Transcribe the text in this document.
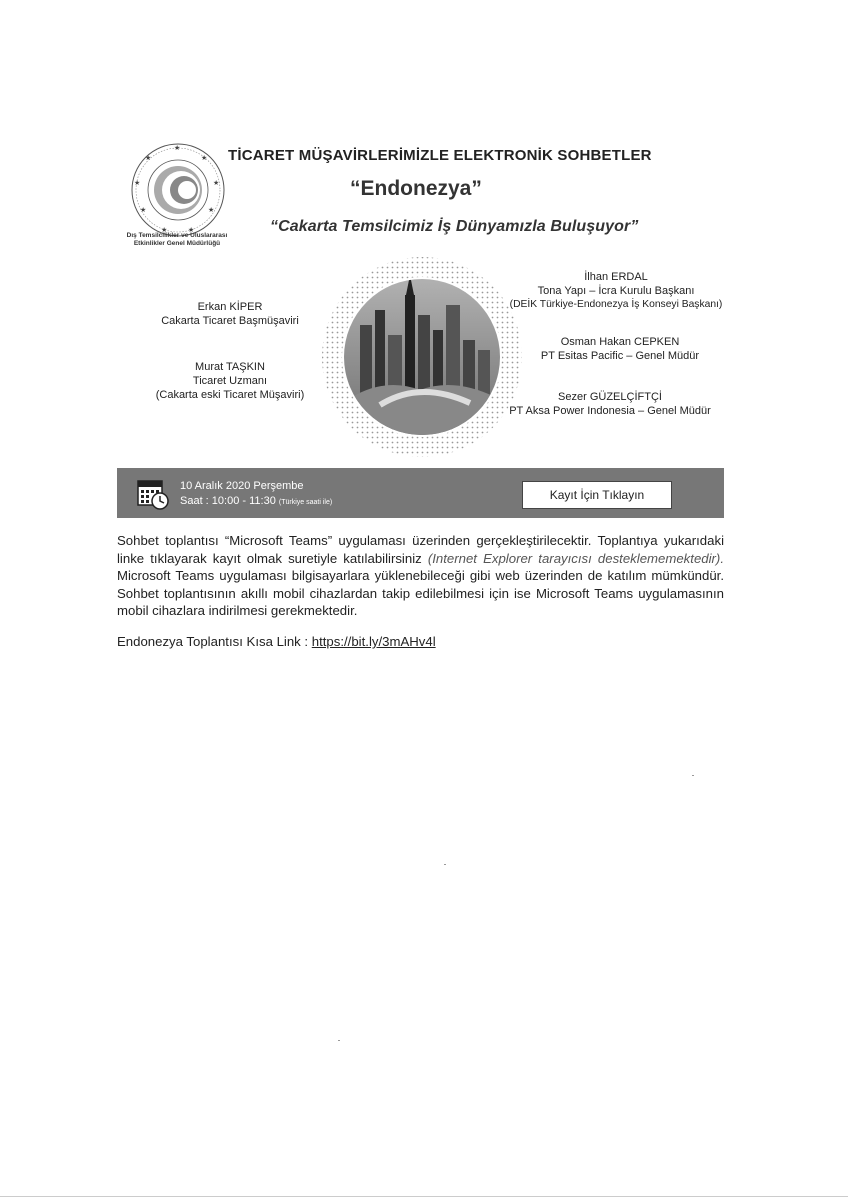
★
★
★
★
★
★
★
★
★
Dış Temsilcilikler ve Uluslararası
Etkinlikler Genel Müdürlüğü
TİCARET MÜŞAVİRLERİMİZLE ELEKTRONİK SOHBETLER
“Endonezya”
“Cakarta Temsilcimiz İş Dünyamızla Buluşuyor”
Erkan KİPER
Cakarta Ticaret Başmüşaviri
Murat TAŞKIN
Ticaret Uzmanı
(Cakarta eski Ticaret Müşaviri)
İlhan ERDAL
Tona Yapı – İcra Kurulu Başkanı
(DEİK Türkiye-Endonezya İş Konseyi Başkanı)
Osman Hakan CEPKEN
PT Esitas Pacific – Genel Müdür
Sezer GÜZELÇİFTÇİ
PT Aksa Power Indonesia – Genel Müdür
10 Aralık 2020 Perşembe
Saat : 10:00 - 11:30 (Türkiye saati ile)
Kayıt İçin Tıklayın
Sohbet toplantısı “Microsoft Teams” uygulaması üzerinden gerçekleştirilecektir. Toplantıya yukarıdaki linke tıklayarak kayıt olmak suretiyle katılabilirsiniz (Internet Explorer tarayıcısı desteklememektedir). Microsoft Teams uygulaması bilgisayarlara yüklenebileceği gibi web üzerinden de katılım mümkündür. Sohbet toplantısının akıllı mobil cihazlardan takip edilebilmesi için ise Microsoft Teams uygulamasının mobil cihazlara indirilmesi gerekmektedir.
Endonezya Toplantısı Kısa Link : https://bit.ly/3mAHv4l
